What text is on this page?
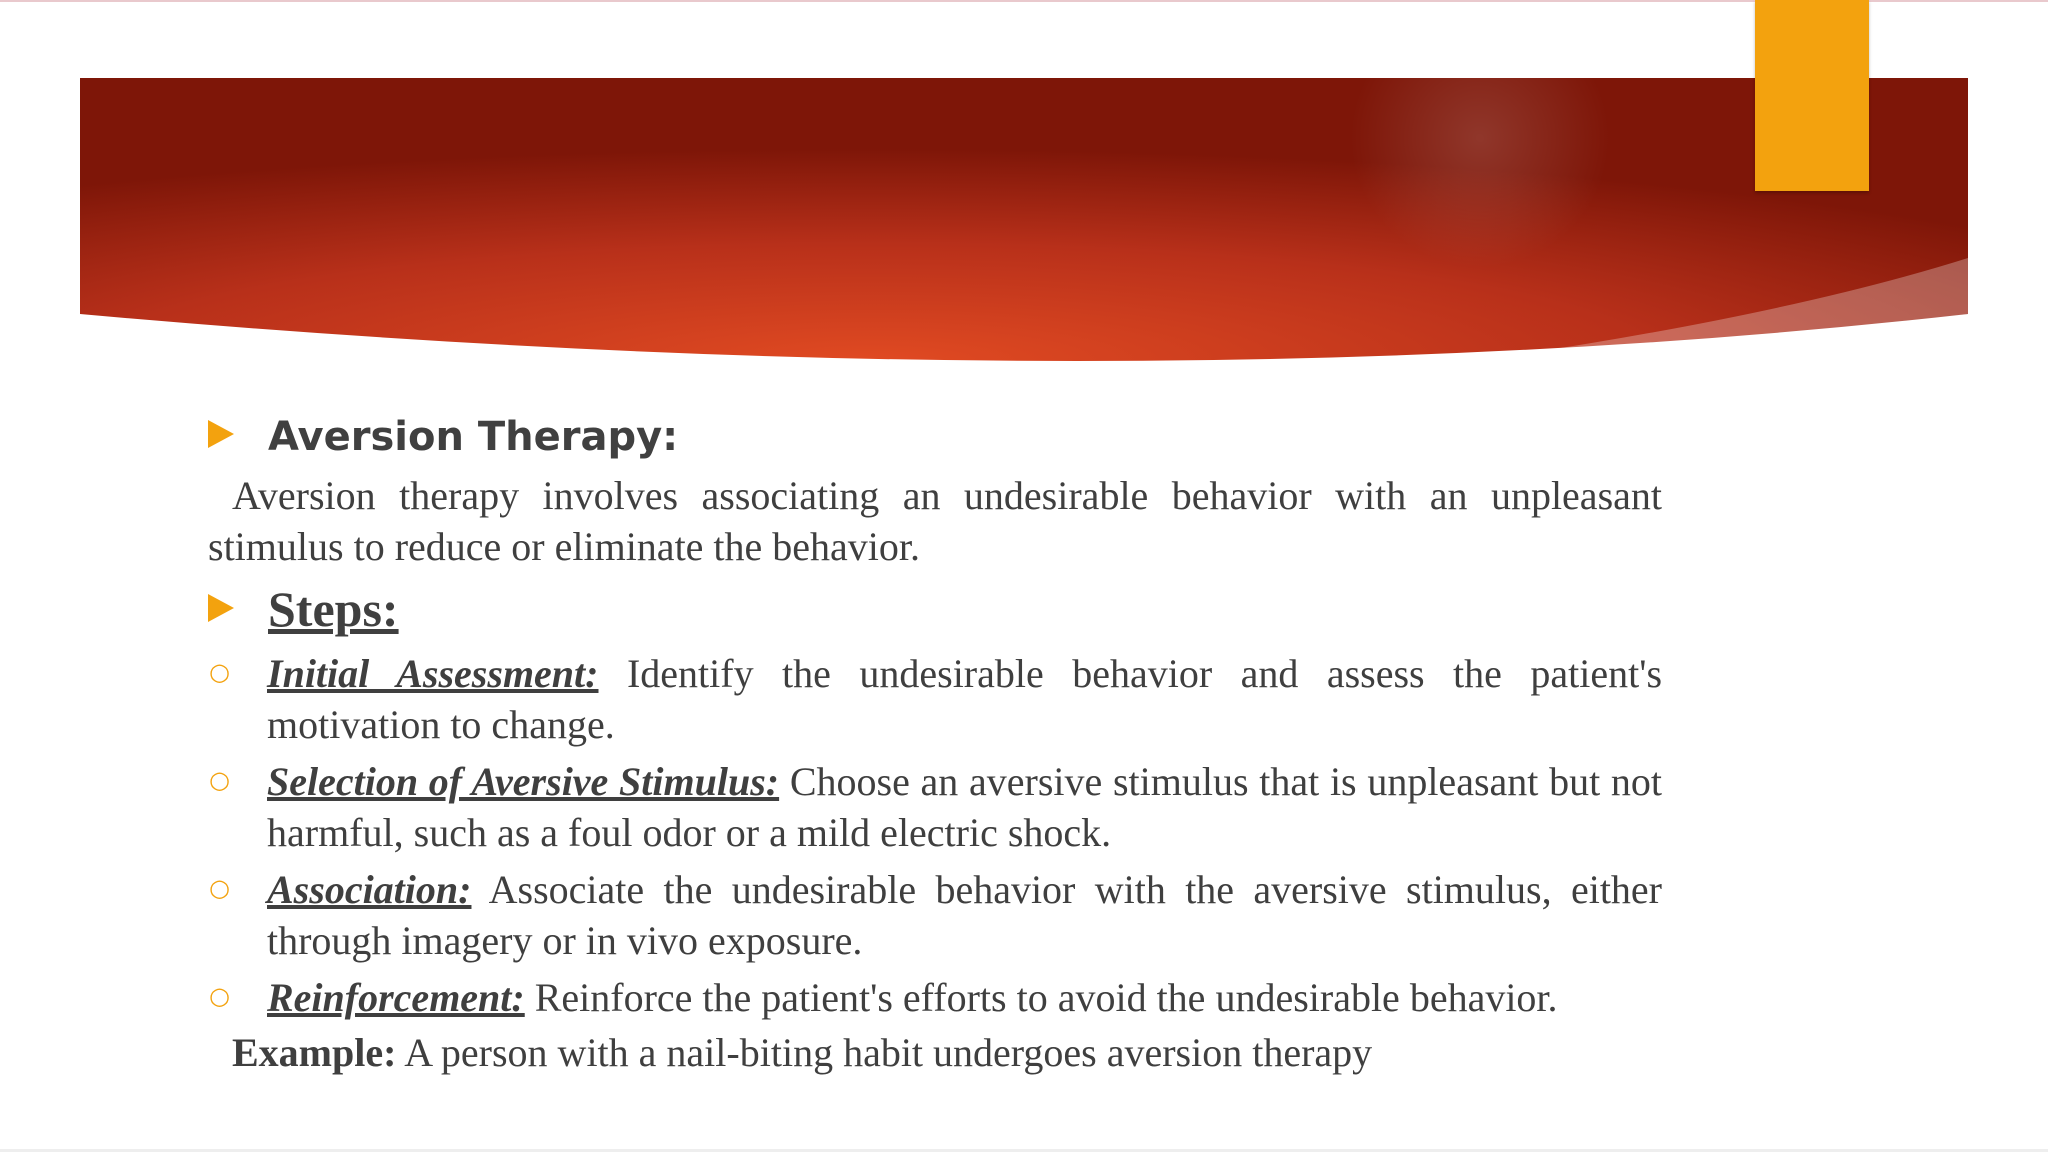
Aversion Therapy:

Aversion therapy involves associating an undesirable behavior with an unpleasant stimulus to reduce or eliminate the behavior.

Steps:
○ Initial Assessment: Identify the undesirable behavior and assess the patient's motivation to change.

○ Selection of Aversive Stimulus: Choose an aversive stimulus that is unpleasant but not harmful, such as a foul odor or a mild electric shock.

○ Association: Associate the undesirable behavior with the aversive stimulus, either through imagery or in vivo exposure.

○ Reinforcement: Reinforce the patient's efforts to avoid the undesirable behavior.

Example: A person with a nail-biting habit undergoes aversion therapy
